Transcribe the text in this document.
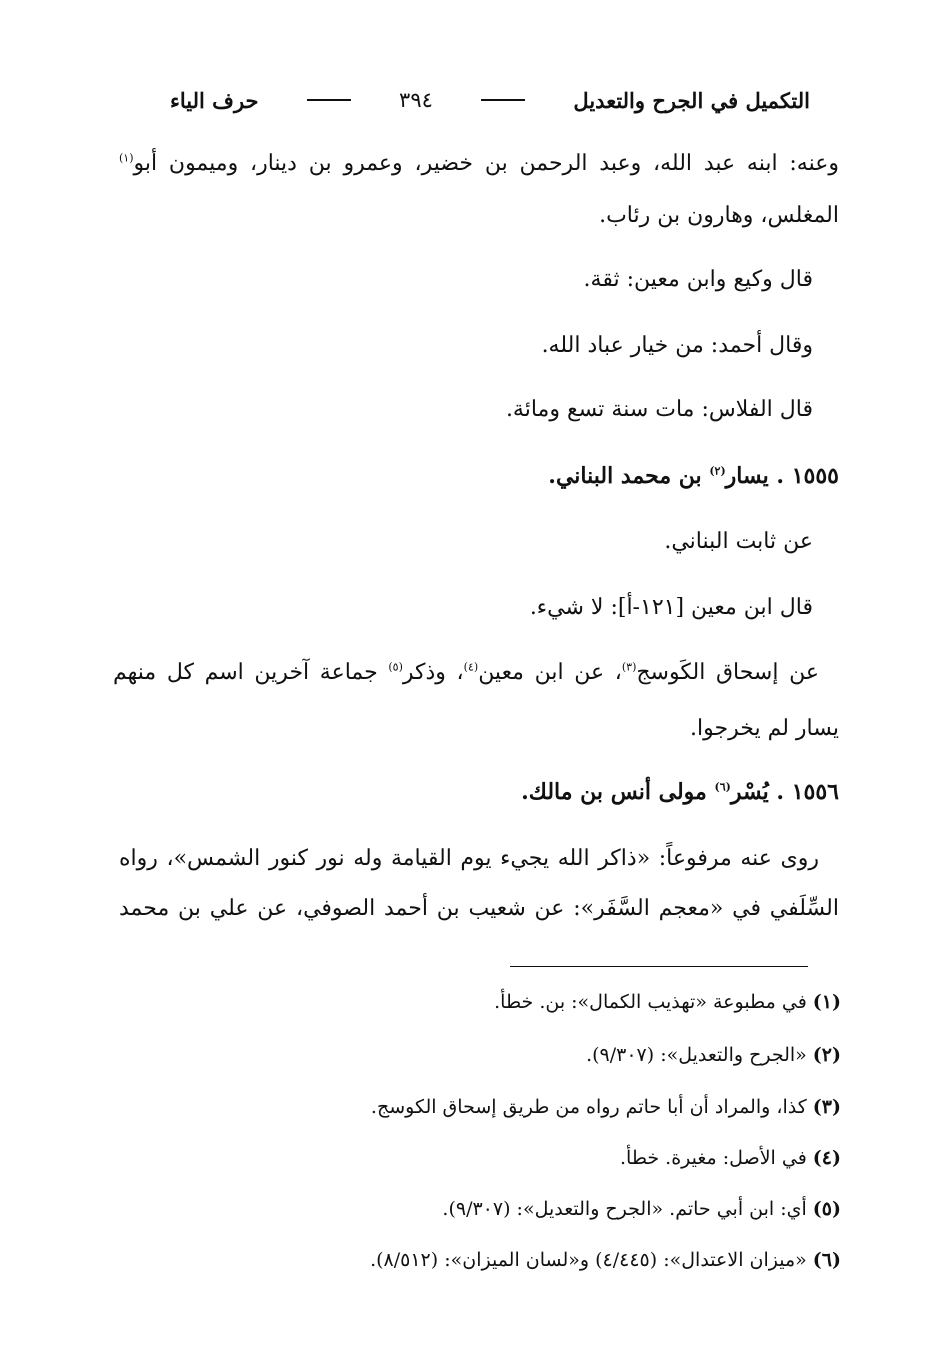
التكميل في الجرح والتعديل
٣٩٤
حرف الياء
وعنه: ابنه عبد الله، وعبد الرحمن بن خضير، وعمرو بن دينار، وميمون أبو$^{(١)}$
المغلس، وهارون بن رئاب.
قال وكيع وابن معين: ثقة.
وقال أحمد: من خيار عباد الله.
قال الفلاس: مات سنة تسع ومائة.
١٥٥٥ . يسار$^{(٢)}$ بن محمد البناني.
عن ثابت البناني.
قال ابن معين [١٢١-أ]: لا شيء.
عن إسحاق الكَوسج$^{(٣)}$، عن ابن معين$^{(٤)}$، وذكر$^{(٥)}$ جماعة آخرين اسم كل منهم
يسار لم يخرجوا.
١٥٥٦ . يُسْر$^{(٦)}$ مولى أنس بن مالك.
روى عنه مرفوعاً: «ذاكر الله يجيء يوم القيامة وله نور كنور الشمس»، رواه
السِّلَفي في «معجم السَّفَر»: عن شعيب بن أحمد الصوفي، عن علي بن محمد
(١)في مطبوعة «تهذيب الكمال»: بن. خطأ.
(٢)«الجرح والتعديل»: (٩/٣٠٧).
(٣)كذا، والمراد أن أبا حاتم رواه من طريق إسحاق الكوسج.
(٤)في الأصل: مغيرة. خطأ.
(٥)أي: ابن أبي حاتم. «الجرح والتعديل»: (٩/٣٠٧).
(٦)«ميزان الاعتدال»: (٤/٤٤٥) و«لسان الميزان»: (٨/٥١٢).
